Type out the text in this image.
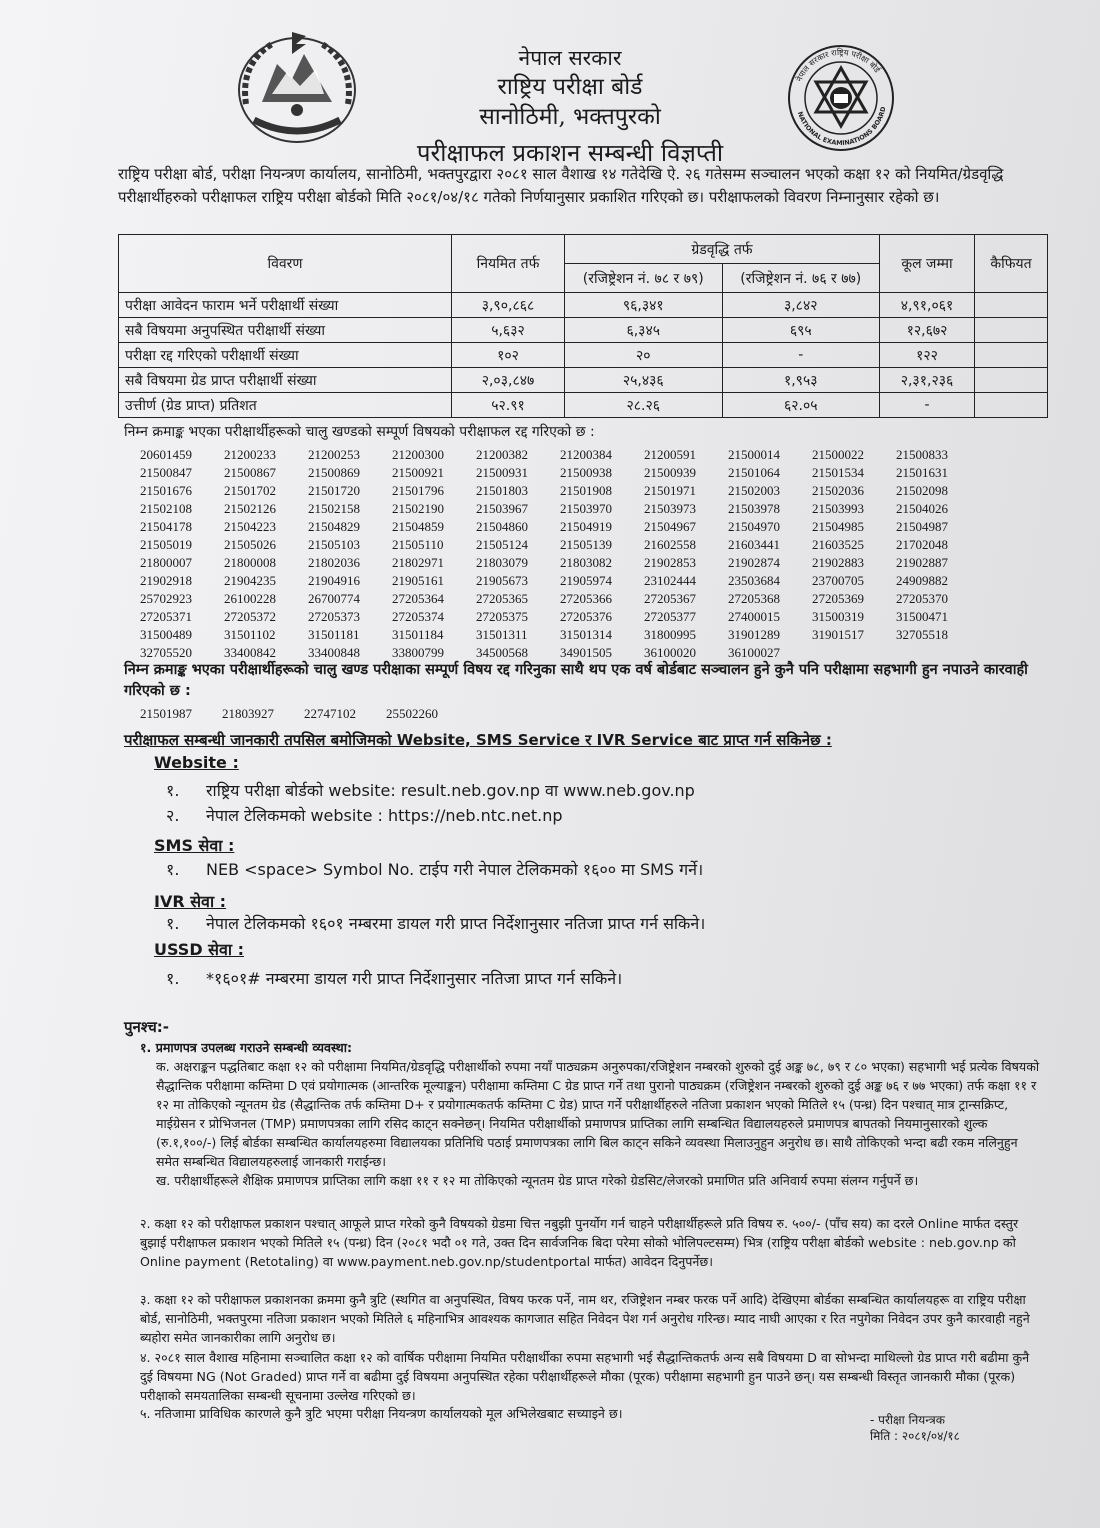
नेपाल सरकार
राष्ट्रिय परीक्षा बोर्ड
सानोठिमी, भक्तपुरको
नेपाल सरकार राष्ट्रिय परीक्षा बोर्ड
NATIONAL EXAMINATIONS BOARD
परीक्षाफल प्रकाशन सम्बन्धी विज्ञप्ती
राष्ट्रिय परीक्षा बोर्ड, परीक्षा नियन्त्रण कार्यालय, सानोठिमी, भक्तपुरद्वारा २०८१ साल वैशाख १४ गतेदेखि ऐ. २६ गतेसम्म सञ्चालन भएको कक्षा १२ को नियमित/ग्रेडवृद्धि परीक्षार्थीहरुको परीक्षाफल राष्ट्रिय परीक्षा बोर्डको मिति २०८१/०४/१८ गतेको निर्णयानुसार प्रकाशित गरिएको छ। परीक्षाफलको विवरण निम्नानुसार रहेको छ।
विवरण	नियमित तर्फ	ग्रेडवृद्धि तर्फ		कूल जम्मा	कैफियत
		(रजिष्ट्रेशन नं. ७८ र ७९)	(रजिष्ट्रेशन नं. ७६ र ७७)		
परीक्षा आवेदन फाराम भर्ने परीक्षार्थी संख्या	३,९०,८६८	९६,३४१	३,८४२	४,९१,०६१	
सबै विषयमा अनुपस्थित परीक्षार्थी संख्या	५,६३२	६,३४५	६९५	१२,६७२	
परीक्षा रद्द गरिएको परीक्षार्थी संख्या	१०२	२०	-	१२२	
सबै विषयमा ग्रेड प्राप्त परीक्षार्थी संख्या	२,०३,८४७	२५,४३६	१,९५३	२,३१,२३६	
उत्तीर्ण (ग्रेड प्राप्त) प्रतिशत	५२.९१	२८.२६	६२.०५	-	
निम्न क्रमाङ्क भएका परीक्षार्थीहरूको चालु खण्डको सम्पूर्ण विषयको परीक्षाफल रद्द गरिएको छ :
20601459	21200233	21200253	21200300	21200382	21200384	21200591	21500014	21500022	21500833
21500847	21500867	21500869	21500921	21500931	21500938	21500939	21501064	21501534	21501631
21501676	21501702	21501720	21501796	21501803	21501908	21501971	21502003	21502036	21502098
21502108	21502126	21502158	21502190	21503967	21503970	21503973	21503978	21503993	21504026
21504178	21504223	21504829	21504859	21504860	21504919	21504967	21504970	21504985	21504987
21505019	21505026	21505103	21505110	21505124	21505139	21602558	21603441	21603525	21702048
21800007	21800008	21802036	21802971	21803079	21803082	21902853	21902874	21902883	21902887
21902918	21904235	21904916	21905161	21905673	21905974	23102444	23503684	23700705	24909882
25702923	26100228	26700774	27205364	27205365	27205366	27205367	27205368	27205369	27205370
27205371	27205372	27205373	27205374	27205375	27205376	27205377	27400015	31500319	31500471
31500489	31501102	31501181	31501184	31501311	31501314	31800995	31901289	31901517	32705518
32705520	33400842	33400848	33800799	34500568	34901505	36100020	36100027
निम्न क्रमाङ्क भएका परीक्षार्थीहरूको चालु खण्ड परीक्षाका सम्पूर्ण विषय रद्द गरिनुका साथै थप एक वर्ष बोर्डबाट सञ्चालन हुने कुनै पनि परीक्षामा सहभागी हुन नपाउने कारवाही गरिएको छ :
21501987 21803927 22747102 25502260
परीक्षाफल सम्बन्धी जानकारी तपसिल बमोजिमको Website, SMS Service र IVR Service बाट प्राप्त गर्न सकिनेछ :
Website :
१. राष्ट्रिय परीक्षा बोर्डको website: result.neb.gov.np वा www.neb.gov.np
२. नेपाल टेलिकमको website : https://neb.ntc.net.np
SMS सेवा :
१. NEB <space> Symbol No. टाईप गरी नेपाल टेलिकमको १६०० मा SMS गर्ने।
IVR सेवा :
१. नेपाल टेलिकमको १६०१ नम्बरमा डायल गरी प्राप्त निर्देशानुसार नतिजा प्राप्त गर्न सकिने।
USSD सेवा :
१. *१६०१# नम्बरमा डायल गरी प्राप्त निर्देशानुसार नतिजा प्राप्त गर्न सकिने।
पुनश्च:-
१. प्रमाणपत्र उपलब्ध गराउने सम्बन्धी व्यवस्था:
क. अक्षराङ्कन पद्धतिबाट कक्षा १२ को परीक्षामा नियमित/ग्रेडवृद्धि परीक्षार्थीको रुपमा नयाँ पाठ्यक्रम अनुरुपका/रजिष्ट्रेशन नम्बरको शुरुको दुई अङ्क ७८, ७९ र ८० भएका) सहभागी भई प्रत्येक विषयको सैद्धान्तिक परीक्षामा कम्तिमा D एवं प्रयोगात्मक (आन्तरिक मूल्याङ्कन) परीक्षामा कम्तिमा C ग्रेड प्राप्त गर्ने तथा पुरानो पाठ्यक्रम (रजिष्ट्रेशन नम्बरको शुरुको दुई अङ्क ७६ र ७७ भएका) तर्फ कक्षा ११ र १२ मा तोकिएको न्यूनतम ग्रेड (सैद्धान्तिक तर्फ कम्तिमा D+ र प्रयोगात्मकतर्फ कम्तिमा C ग्रेड) प्राप्त गर्ने परीक्षार्थीहरुले नतिजा प्रकाशन भएको मितिले १५ (पन्ध्र) दिन पश्चात् मात्र ट्रान्सक्रिप्ट, माईग्रेसन र प्रोभिजनल (TMP) प्रमाणपत्रका लागि रसिद काट्न सक्नेछन्। नियमित परीक्षार्थीको प्रमाणपत्र प्राप्तिका लागि सम्बन्धित विद्यालयहरुले प्रमाणपत्र बापतको नियमानुसारको शुल्क (रु.१,१००/-) लिई बोर्डका सम्बन्धित कार्यालयहरुमा विद्यालयका प्रतिनिधि पठाई प्रमाणपत्रका लागि बिल काट्न सकिने व्यवस्था मिलाउनुहुन अनुरोध छ। साथै तोकिएको भन्दा बढी रकम नलिनुहुन समेत सम्बन्धित विद्यालयहरुलाई जानकारी गराईन्छ।
ख. परीक्षार्थीहरूले शैक्षिक प्रमाणपत्र प्राप्तिका लागि कक्षा ११ र १२ मा तोकिएको न्यूनतम ग्रेड प्राप्त गरेको ग्रेडसिट/लेजरको प्रमाणित प्रति अनिवार्य रुपमा संलग्न गर्नुपर्ने छ।
२. कक्षा १२ को परीक्षाफल प्रकाशन पश्चात् आफूले प्राप्त गरेको कुनै विषयको ग्रेडमा चित्त नबुझी पुनर्योग गर्न चाहने परीक्षार्थीहरूले प्रति विषय रु. ५००/- (पाँच सय) का दरले Online मार्फत दस्तुर बुझाई परीक्षाफल प्रकाशन भएको मितिले १५ (पन्ध्र) दिन (२०८१ भदौ ०१ गते, उक्त दिन सार्वजनिक बिदा परेमा सोको भोलिपल्टसम्म) भित्र (राष्ट्रिय परीक्षा बोर्डको website : neb.gov.np को Online payment (Retotaling) वा www.payment.neb.gov.np/studentportal मार्फत) आवेदन दिनुपर्नेछ।
३. कक्षा १२ को परीक्षाफल प्रकाशनका क्रममा कुनै त्रुटि (स्थगित वा अनुपस्थित, विषय फरक पर्ने, नाम थर, रजिष्ट्रेशन नम्बर फरक पर्ने आदि) देखिएमा बोर्डका सम्बन्धित कार्यालयहरू वा राष्ट्रिय परीक्षा बोर्ड, सानोठिमी, भक्तपुरमा नतिजा प्रकाशन भएको मितिले ६ महिनाभित्र आवश्यक कागजात सहित निवेदन पेश गर्न अनुरोध गरिन्छ। म्याद नाघी आएका र रित नपुगेका निवेदन उपर कुनै कारवाही नहुने ब्यहोरा समेत जानकारीका लागि अनुरोध छ।
४. २०८१ साल वैशाख महिनामा सञ्चालित कक्षा १२ को वार्षिक परीक्षामा नियमित परीक्षार्थीका रुपमा सहभागी भई सैद्धान्तिकतर्फ अन्य सबै विषयमा D वा सोभन्दा माथिल्लो ग्रेड प्राप्त गरी बढीमा कुनै दुई विषयमा NG (Not Graded) प्राप्त गर्ने वा बढीमा दुई विषयमा अनुपस्थित रहेका परीक्षार्थीहरूले मौका (पूरक) परीक्षामा सहभागी हुन पाउने छन्। यस सम्बन्धी विस्तृत जानकारी मौका (पूरक) परीक्षाको समयतालिका सम्बन्धी सूचनामा उल्लेख गरिएको छ।
५. नतिजामा प्राविधिक कारणले कुनै त्रुटि भएमा परीक्षा नियन्त्रण कार्यालयको मूल अभिलेखबाट सच्याइने छ।	- परीक्षा नियन्त्रक
मिति : २०८१/०४/१८
